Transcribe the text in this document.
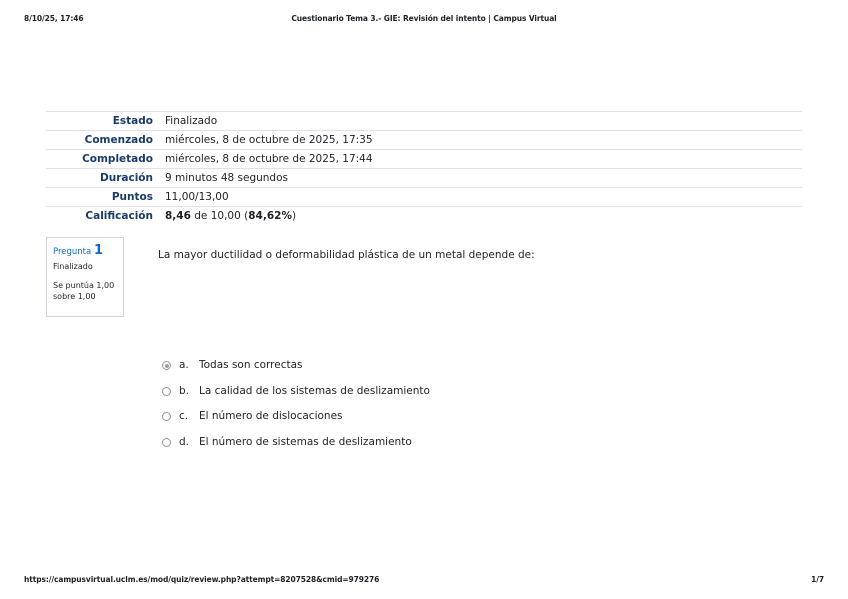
8/10/25, 17:46	Cuestionario Tema 3.- GIE: Revisión del intento | Campus Virtual
Estado	Finalizado
Comenzado	miércoles, 8 de octubre de 2025, 17:35
Completado	miércoles, 8 de octubre de 2025, 17:44
Duración	9 minutos 48 segundos
Puntos	11,00/13,00
Calificación	8,46 de 10,00 (84,62%)
Pregunta 1
Finalizado
Se puntúa 1,00 sobre 1,00
La mayor ductilidad o deformabilidad plástica de un metal depende de:
a. Todas son correctas
b. La calidad de los sistemas de deslizamiento
c.	El número de dislocaciones
d. El número de sistemas de deslizamiento
https://campusvirtual.uclm.es/mod/quiz/review.php?attempt=8207528&cmid=979276	1/7
